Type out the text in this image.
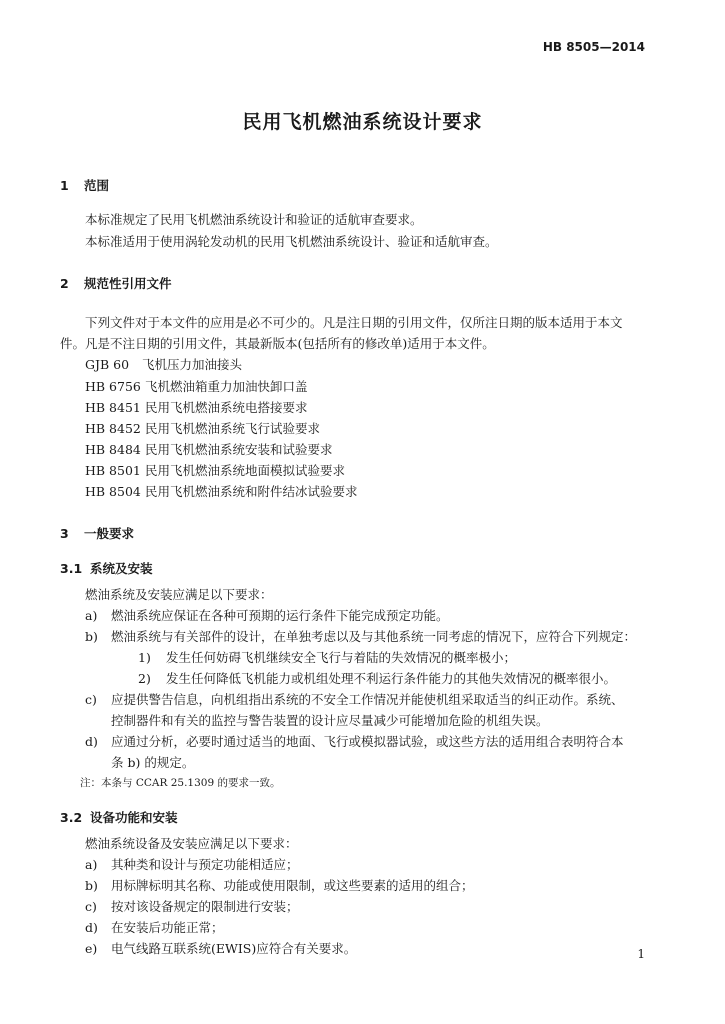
HB 8505—2014
民用飞机燃油系统设计要求
1 范围
本标准规定了民用飞机燃油系统设计和验证的适航审查要求。
本标准适用于使用涡轮发动机的民用飞机燃油系统设计、验证和适航审查。
2 规范性引用文件
下列文件对于本文件的应用是必不可少的。凡是注日期的引用文件，仅所注日期的版本适用于本文
件。凡是不注日期的引用文件，其最新版本(包括所有的修改单)适用于本文件。
GJB 60 飞机压力加油接头
HB 6756 飞机燃油箱重力加油快卸口盖
HB 8451 民用飞机燃油系统电搭接要求
HB 8452 民用飞机燃油系统飞行试验要求
HB 8484 民用飞机燃油系统安装和试验要求
HB 8501 民用飞机燃油系统地面模拟试验要求
HB 8504 民用飞机燃油系统和附件结冰试验要求
3 一般要求
3.1 系统及安装
燃油系统及安装应满足以下要求：
a) 燃油系统应保证在各种可预期的运行条件下能完成预定功能。
b) 燃油系统与有关部件的设计，在单独考虑以及与其他系统一同考虑的情况下，应符合下列规定：
1) 发生任何妨碍飞机继续安全飞行与着陆的失效情况的概率极小；
2) 发生任何降低飞机能力或机组处理不利运行条件能力的其他失效情况的概率很小。
c) 应提供警告信息，向机组指出系统的不安全工作情况并能使机组采取适当的纠正动作。系统、
控制器件和有关的监控与警告装置的设计应尽量减少可能增加危险的机组失误。
d) 应通过分析，必要时通过适当的地面、飞行或模拟器试验，或这些方法的适用组合表明符合本
条 b) 的规定。
注：本条与 CCAR 25.1309 的要求一致。
3.2 设备功能和安装
燃油系统设备及安装应满足以下要求：
a) 其种类和设计与预定功能相适应；
b) 用标牌标明其名称、功能或使用限制，或这些要素的适用的组合；
c) 按对该设备规定的限制进行安装；
d) 在安装后功能正常；
e) 电气线路互联系统(EWIS)应符合有关要求。	1
